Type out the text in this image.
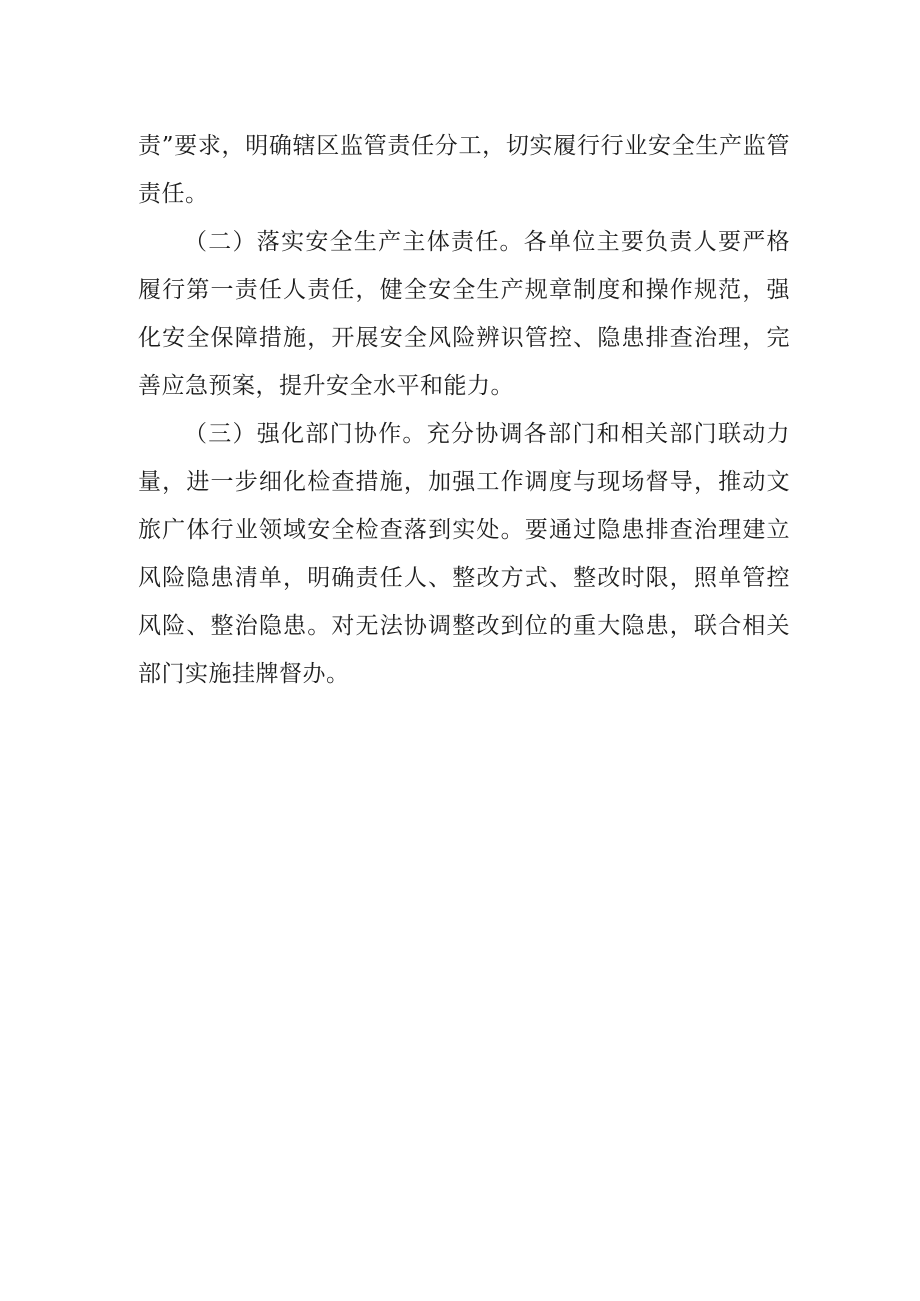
责”要求，明确辖区监管责任分工，切实履行行业安全生产监管责任。

（二）落实安全生产主体责任。各单位主要负责人要严格履行第一责任人责任，健全安全生产规章制度和操作规范，强化安全保障措施，开展安全风险辨识管控、隐患排查治理，完善应急预案，提升安全水平和能力。

（三）强化部门协作。充分协调各部门和相关部门联动力量，进一步细化检查措施，加强工作调度与现场督导，推动文旅广体行业领域安全检查落到实处。要通过隐患排查治理建立风险隐患清单，明确责任人、整改方式、整改时限，照单管控风险、整治隐患。对无法协调整改到位的重大隐患，联合相关部门实施挂牌督办。
